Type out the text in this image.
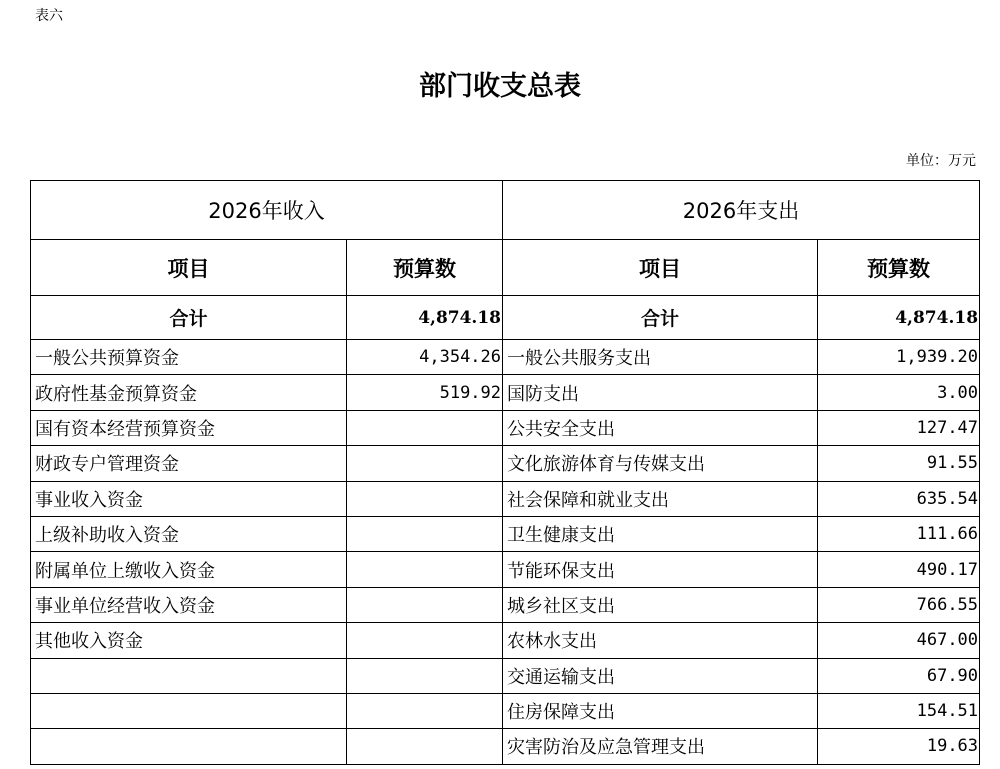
表六
部门收支总表
单位：万元
2026年收入		2026年支出	
项目	预算数	项目	预算数
合计	4,874.18	合计	4,874.18
一般公共预算资金	4,354.26	一般公共服务支出	1,939.20
政府性基金预算资金	519.92	国防支出	3.00
国有资本经营预算资金		公共安全支出	127.47
财政专户管理资金		文化旅游体育与传媒支出	91.55
事业收入资金		社会保障和就业支出	635.54
上级补助收入资金		卫生健康支出	111.66
附属单位上缴收入资金		节能环保支出	490.17
事业单位经营收入资金		城乡社区支出	766.55
其他收入资金		农林水支出	467.00
		交通运输支出	67.90
		住房保障支出	154.51
		灾害防治及应急管理支出	19.63
